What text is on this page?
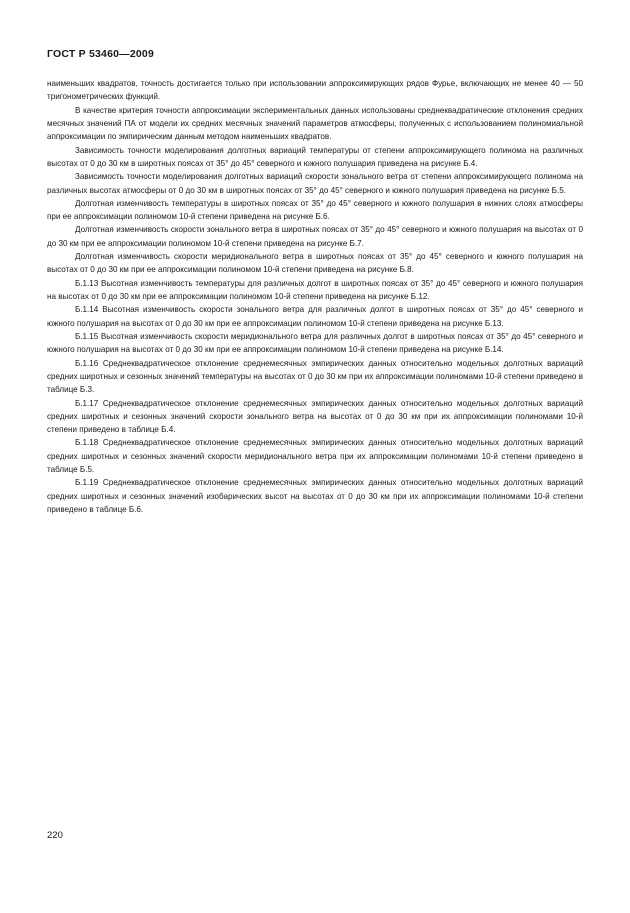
ГОСТ Р 53460—2009

наименьших квадратов, точность достигается только при использовании аппроксимирующих рядов Фурье, включающих не менее 40 — 50 тригонометрических функций.

В качестве критерия точности аппроксимации экспериментальных данных использованы среднеквадратические отклонения средних месячных значений ПА от модели их средних месячных значений параметров атмосферы, полученных с использованием полиномиальной аппроксимации по эмпирическим данным методом наименьших квадратов.

Зависимость точности моделирования долготных вариаций температуры от степени аппроксимирующего полинома на различных высотах от 0 до 30 км в широтных поясах от 35° до 45° северного и южного полушария приведена на рисунке Б.4.

Зависимость точности моделирования долготных вариаций скорости зонального ветра от степени аппроксимирующего полинома на различных высотах атмосферы от 0 до 30 км в широтных поясах от 35° до 45° северного и южного полушария приведена на рисунке Б.5.

Долготная изменчивость температуры в широтных поясах от 35° до 45° северного и южного полушария в нижних слоях атмосферы при ее аппроксимации полиномом 10-й степени приведена на рисунке Б.6.

Долготная изменчивость скорости зонального ветра в широтных поясах от 35° до 45° северного и южного полушария на высотах от 0 до 30 км при ее аппроксимации полиномом 10-й степени приведена на рисунке Б.7.

Долготная изменчивость скорости меридионального ветра в широтных поясах от 35° до 45° северного и южного полушария на высотах от 0 до 30 км при ее аппроксимации полиномом 10-й степени приведена на рисунке Б.8.

Б.1.13 Высотная изменчивость температуры для различных долгот в широтных поясах от 35° до 45° северного и южного полушария на высотах от 0 до 30 км при ее аппроксимации полиномом 10-й степени приведена на рисунке Б.12.

Б.1.14 Высотная изменчивость скорости зонального ветра для различных долгот в широтных поясах от 35° до 45° северного и южного полушария на высотах от 0 до 30 км при ее аппроксимации полиномом 10-й степени приведена на рисунке Б.13.

Б.1.15 Высотная изменчивость скорости меридионального ветра для различных долгот в широтных поясах от 35° до 45° северного и южного полушария на высотах от 0 до 30 км при ее аппроксимации полиномом 10-й степени приведена на рисунке Б.14.

Б.1.16 Среднеквадратическое отклонение среднемесячных эмпирических данных относительно модельных долготных вариаций средних широтных и сезонных значений температуры на высотах от 0 до 30 км при их аппроксимации полиномами 10-й степени приведено в таблице Б.3.

Б.1.17 Среднеквадратическое отклонение среднемесячных эмпирических данных относительно модельных долготных вариаций средних широтных и сезонных значений скорости зонального ветра на высотах от 0 до 30 км при их аппроксимации полиномами 10-й степени приведено в таблице Б.4.

Б.1.18 Среднеквадратическое отклонение среднемесячных эмпирических данных относительно модельных долготных вариаций средних широтных и сезонных значений скорости меридионального ветра при их аппроксимации полиномами 10-й степени приведено в таблице Б.5.

Б.1.19 Среднеквадратическое отклонение среднемесячных эмпирических данных относительно модельных долготных вариаций средних широтных и сезонных значений изобарических высот на высотах от 0 до 30 км при их аппроксимации полиномами 10-й степени приведено в таблице Б.6.

220
